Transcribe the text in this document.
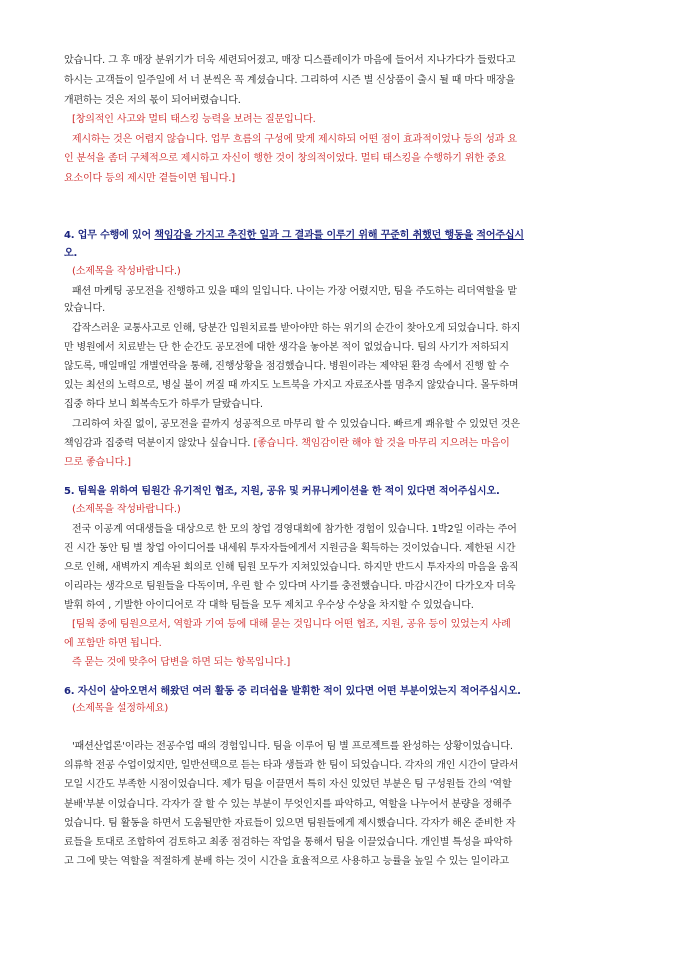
았습니다. 그 후 매장 분위기가 더욱 세련되어졌고, 매장 디스플레이가 마음에 들어서 지나가다가 들렀다고
하시는 고객들이 일주일에 서 너 분씩은 꼭 계셨습니다. 그리하여 시즌 별 신상품이 출시 될 때 마다 매장을
개편하는 것은 저의 몫이 되어버렸습니다.
[창의적인 사고와 멀티 태스킹 능력을 보려는 질문입니다.
제시하는 것은 어렵지 않습니다. 업무 흐름의 구성에 맞게 제시하되 어떤 점이 효과적이었나 등의 성과 요
인 분석을 좀더 구체적으로 제시하고 자신이 행한 것이 창의적이었다. 멀티 태스킹을 수행하기 위한 중요
요소이다 등의 제시만 곁들이면 됩니다.]
4. 업무 수행에 있어 책임감을 가지고 추진한 일과 그 결과를 이루기 위해 꾸준히 취했던 행동을 적어주십시
오.
(소제목을 작성바랍니다.)
패션 마케팅 공모전을 진행하고 있을 때의 일입니다. 나이는 가장 어렸지만, 팀을 주도하는 리더역할을 맡
았습니다.
갑작스러운 교통사고로 인해, 당분간 입원치료를 받아야만 하는 위기의 순간이 찾아오게 되었습니다. 하지
만 병원에서 치료받는 단 한 순간도 공모전에 대한 생각을 놓아본 적이 없었습니다. 팀의 사기가 저하되지
않도록, 매일매일 개별연락을 통해, 진행상황을 점검했습니다. 병원이라는 제약된 환경 속에서 진행 할 수
있는 최선의 노력으로, 병실 불이 꺼질 때 까지도 노트북을 가지고 자료조사를 멈추지 않았습니다. 몰두하며
집중 하다 보니 회복속도가 하루가 달랐습니다.
그리하여 차질 없이, 공모전을 끝까지 성공적으로 마무리 할 수 있었습니다. 빠르게 쾌유할 수 있었던 것은
책임감과 집중력 덕분이지 않았나 싶습니다. [좋습니다. 책임감이란 해야 할 것을 마무리 지으려는 마음이
므로 좋습니다.]
5. 팀웍을 위하여 팀원간 유기적인 협조, 지원, 공유 및 커뮤니케이션을 한 적이 있다면 적어주십시오.
(소제목을 작성바랍니다.)
전국 이공계 여대생들을 대상으로 한 모의 창업 경영대회에 참가한 경험이 있습니다. 1박2일 이라는 주어
진 시간 동안 팀 별 창업 아이디어를 내세워 투자자들에게서 지원금을 획득하는 것이었습니다. 제한된 시간
으로 인해, 새벽까지 계속된 회의로 인해 팀원 모두가 지쳐있었습니다. 하지만 반드시 투자자의 마음을 움직
이리라는 생각으로 팀원들을 다독이며, 우린 할 수 있다며 사기를 충전했습니다. 마감시간이 다가오자 더욱
발휘 하여 , 기발한 아이디어로 각 대학 팀들을 모두 제치고 우수상 수상을 차지할 수 있었습니다.
[팀웍 중에 팀원으로서, 역할과 기여 등에 대해 묻는 것입니다 어떤 협조, 지원, 공유 등이 있었는지 사례
에 포함만 하면 됩니다.
즉 묻는 것에 맞추어 답변을 하면 되는 항목입니다.]
6. 자신이 살아오면서 해왔던 여러 활동 중 리더쉽을 발휘한 적이 있다면 어떤 부분이었는지 적어주십시오.
(소제목을 설정하세요)
'패션산업론'이라는 전공수업 때의 경험입니다. 팀을 이루어 팀 별 프로젝트를 완성하는 상황이었습니다.
의류학 전공 수업이었지만, 일반선택으로 듣는 타과 생들과 한 팀이 되었습니다. 각자의 개인 시간이 달라서
모일 시간도 부족한 시점이었습니다. 제가 팀을 이끌면서 특히 자신 있었던 부분은 팀 구성원들 간의 '역할
분배'부분 이었습니다. 각자가 잘 할 수 있는 부분이 무엇인지를 파악하고, 역할을 나누어서 분량을 정해주
었습니다. 팀 활동을 하면서 도움될만한 자료들이 있으면 팀원들에게 제시했습니다. 각자가 해온 준비한 자
료들을 토대로 조합하여 검토하고 최종 점검하는 작업을 통해서 팀을 이끌었습니다. 개인별 특성을 파악하
고 그에 맞는 역할을 적절하게 분배 하는 것이 시간을 효율적으로 사용하고 능률을 높일 수 있는 일이라고
